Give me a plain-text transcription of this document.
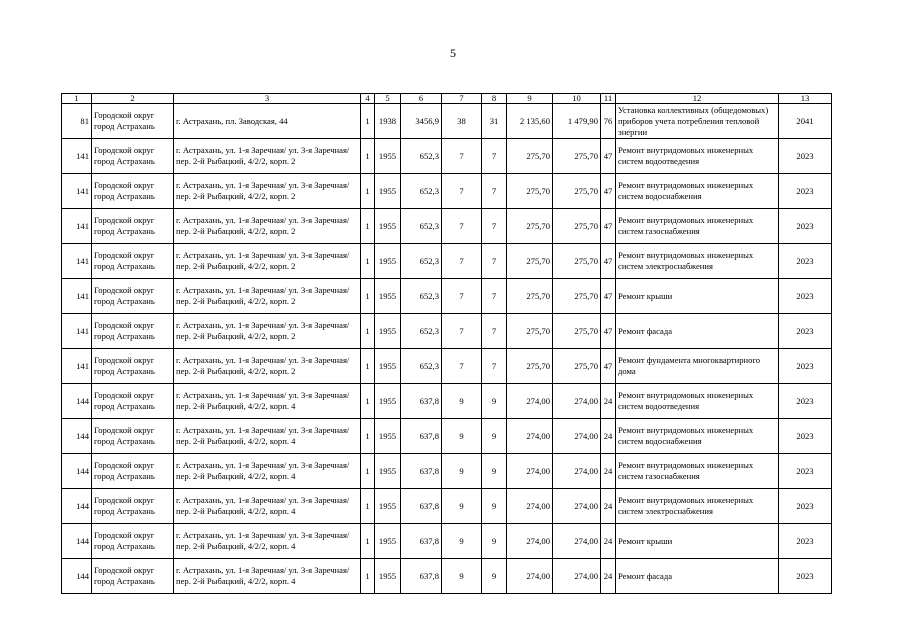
5
1	2	3	4	5	6	7	8	9	10	11	12	13
81	Городской округ город Астрахань	г. Астрахань, пл. Заводская, 44	1	1938	3456,9	38	31	2 135,60	1 479,90	76	Установка коллективных (общедомовых) приборов учета потребления тепловой энергии	2041
141	Городской округ город Астрахань	г. Астрахань, ул. 1-я Заречная/ ул. 3-я Заречная/ пер. 2-й Рыбацкий, 4/2/2, корп. 2	1	1955	652,3	7	7	275,70	275,70	47	Ремонт внутридомовых инженерных систем водоотведения	2023
141	Городской округ город Астрахань	г. Астрахань, ул. 1-я Заречная/ ул. 3-я Заречная/ пер. 2-й Рыбацкий, 4/2/2, корп. 2	1	1955	652,3	7	7	275,70	275,70	47	Ремонт внутридомовых инженерных систем водоснабжения	2023
141	Городской округ город Астрахань	г. Астрахань, ул. 1-я Заречная/ ул. 3-я Заречная/ пер. 2-й Рыбацкий, 4/2/2, корп. 2	1	1955	652,3	7	7	275,70	275,70	47	Ремонт внутридомовых инженерных систем газоснабжения	2023
141	Городской округ город Астрахань	г. Астрахань, ул. 1-я Заречная/ ул. 3-я Заречная/ пер. 2-й Рыбацкий, 4/2/2, корп. 2	1	1955	652,3	7	7	275,70	275,70	47	Ремонт внутридомовых инженерных систем электроснабжения	2023
141	Городской округ город Астрахань	г. Астрахань, ул. 1-я Заречная/ ул. 3-я Заречная/ пер. 2-й Рыбацкий, 4/2/2, корп. 2	1	1955	652,3	7	7	275,70	275,70	47	Ремонт крыши	2023
141	Городской округ город Астрахань	г. Астрахань, ул. 1-я Заречная/ ул. 3-я Заречная/ пер. 2-й Рыбацкий, 4/2/2, корп. 2	1	1955	652,3	7	7	275,70	275,70	47	Ремонт фасада	2023
141	Городской округ город Астрахань	г. Астрахань, ул. 1-я Заречная/ ул. 3-я Заречная/ пер. 2-й Рыбацкий, 4/2/2, корп. 2	1	1955	652,3	7	7	275,70	275,70	47	Ремонт фундамента многоквартирного дома	2023
144	Городской округ город Астрахань	г. Астрахань, ул. 1-я Заречная/ ул. 3-я Заречная/ пер. 2-й Рыбацкий, 4/2/2, корп. 4	1	1955	637,8	9	9	274,00	274,00	24	Ремонт внутридомовых инженерных систем водоотведения	2023
144	Городской округ город Астрахань	г. Астрахань, ул. 1-я Заречная/ ул. 3-я Заречная/ пер. 2-й Рыбацкий, 4/2/2, корп. 4	1	1955	637,8	9	9	274,00	274,00	24	Ремонт внутридомовых инженерных систем водоснабжения	2023
144	Городской округ город Астрахань	г. Астрахань, ул. 1-я Заречная/ ул. 3-я Заречная/ пер. 2-й Рыбацкий, 4/2/2, корп. 4	1	1955	637,8	9	9	274,00	274,00	24	Ремонт внутридомовых инженерных систем газоснабжения	2023
144	Городской округ город Астрахань	г. Астрахань, ул. 1-я Заречная/ ул. 3-я Заречная/ пер. 2-й Рыбацкий, 4/2/2, корп. 4	1	1955	637,8	9	9	274,00	274,00	24	Ремонт внутридомовых инженерных систем электроснабжения	2023
144	Городской округ город Астрахань	г. Астрахань, ул. 1-я Заречная/ ул. 3-я Заречная/ пер. 2-й Рыбацкий, 4/2/2, корп. 4	1	1955	637,8	9	9	274,00	274,00	24	Ремонт крыши	2023
144	Городской округ город Астрахань	г. Астрахань, ул. 1-я Заречная/ ул. 3-я Заречная/ пер. 2-й Рыбацкий, 4/2/2, корп. 4	1	1955	637,8	9	9	274,00	274,00	24	Ремонт фасада	2023
